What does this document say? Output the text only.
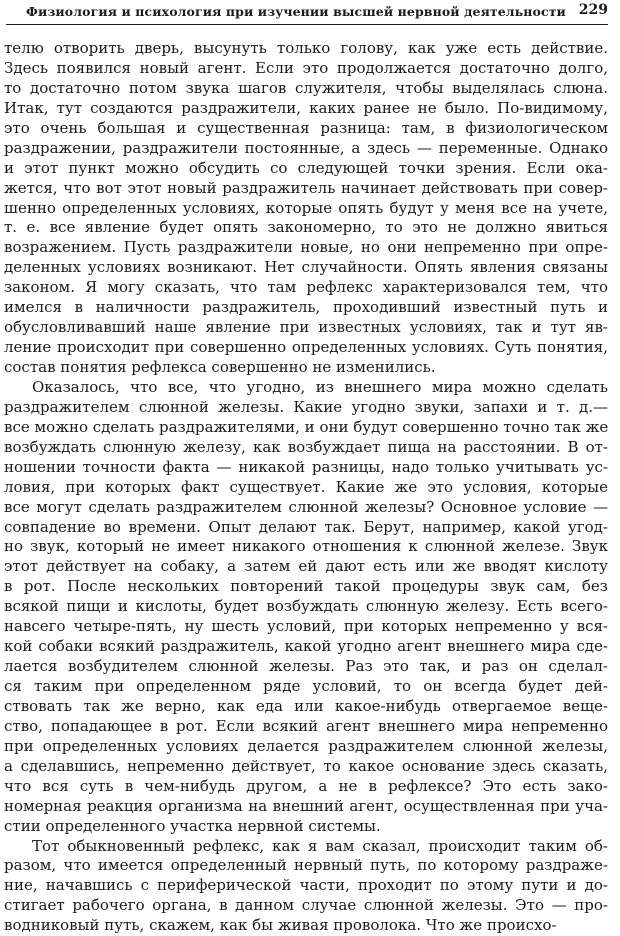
Физиология и психология при изучении высшей нервной деятельности 229
телю отворить дверь, высунуть только голову, как уже есть действие.
Здесь появился новый агент. Если это продолжается достаточно долго,
то достаточно потом звука шагов служителя, чтобы выделялась слюна.
Итак, тут создаются раздражители, каких ранее не было. По-видимому,
это очень большая и существенная разница: там, в физиологическом
раздражении, раздражители постоянные, а здесь — переменные. Однако
и этот пункт можно обсудить со следующей точки зрения. Если ока-
жется, что вот этот новый раздражитель начинает действовать при совер-
шенно определенных условиях, которые опять будут у меня все на учете,
т. е. все явление будет опять закономерно, то это не должно явиться
возражением. Пусть раздражители новые, но они непременно при опре-
деленных условиях возникают. Нет случайности. Опять явления связаны
законом. Я могу сказать, что там рефлекс характеризовался тем, что
имелся в наличности раздражитель, проходивший известный путь и
обусловливавший наше явление при известных условиях, так и тут яв-
ление происходит при совершенно определенных условиях. Суть понятия,
состав понятия рефлекса совершенно не изменились.
Оказалось, что все, что угодно, из внешнего мира можно сделать
раздражителем слюнной железы. Какие угодно звуки, запахи и т. д.—
все можно сделать раздражителями, и они будут совершенно точно так же
возбуждать слюнную железу, как возбуждает пища на расстоянии. В от-
ношении точности факта — никакой разницы, надо только учитывать ус-
ловия, при которых факт существует. Какие же это условия, которые
все могут сделать раздражителем слюнной железы? Основное условие —
совпадение во времени. Опыт делают так. Берут, например, какой угод-
но звук, который не имеет никакого отношения к слюнной железе. Звук
этот действует на собаку, а затем ей дают есть или же вводят кислоту
в рот. После нескольких повторений такой процедуры звук сам, без
всякой пищи и кислоты, будет возбуждать слюнную железу. Есть всего-
навсего четыре-пять, ну шесть условий, при которых непременно у вся-
кой собаки всякий раздражитель, какой угодно агент внешнего мира сде-
лается возбудителем слюнной железы. Раз это так, и раз он сделал-
ся таким при определенном ряде условий, то он всегда будет дей-
ствовать так же верно, как еда или какое-нибудь отвергаемое веще-
ство, попадающее в рот. Если всякий агент внешнего мира непременно
при определенных условиях делается раздражителем слюнной железы,
а сделавшись, непременно действует, то какое основание здесь сказать,
что вся суть в чем-нибудь другом, а не в рефлексе? Это есть зако-
номерная реакция организма на внешний агент, осуществленная при уча-
стии определенного участка нервной системы.
Тот обыкновенный рефлекс, как я вам сказал, происходит таким об-
разом, что имеется определенный нервный путь, по которому раздраже-
ние, начавшись с периферической части, проходит по этому пути и до-
стигает рабочего органа, в данном случае слюнной железы. Это — про-
водниковый путь, скажем, как бы живая проволока. Что же происхо-
